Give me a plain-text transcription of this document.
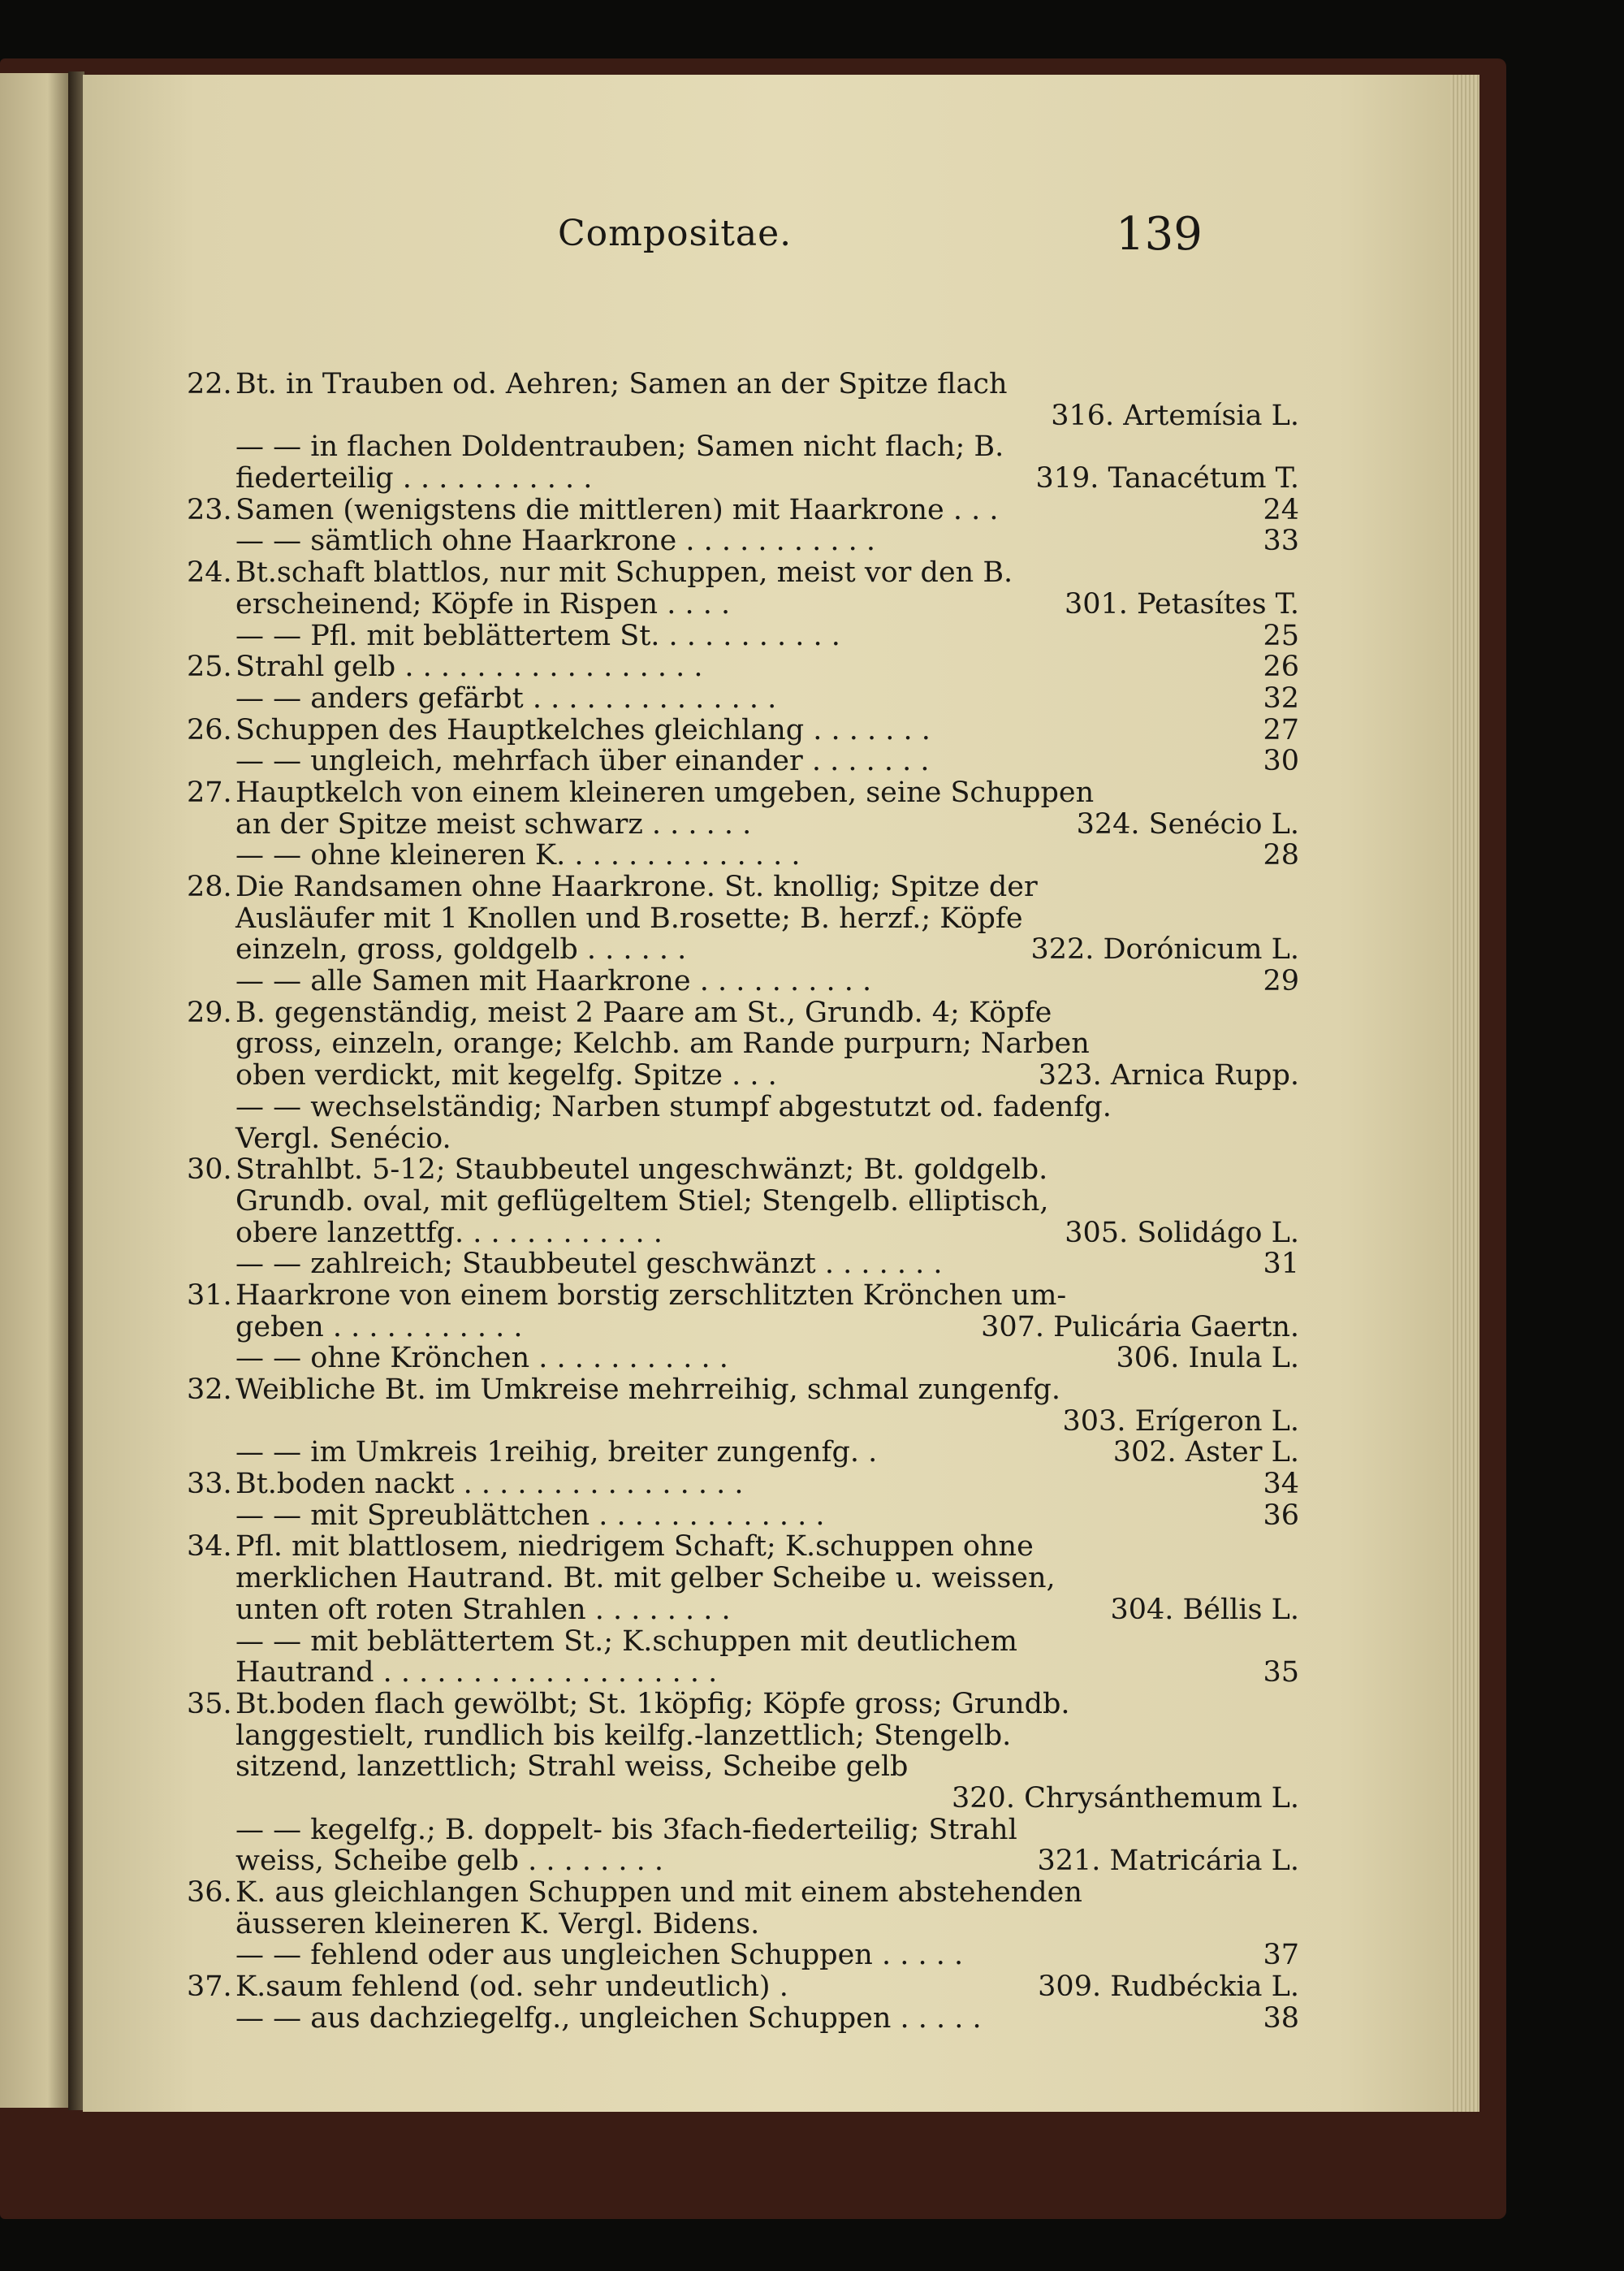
Compositae.	139
22. Bt. in Trauben od. Aehren; Samen an der Spitze flach
316. Artemísia L.
— — in flachen Doldentrauben; Samen nicht flach; B.
fiederteilig . . . . . . . . . . .	319. Tanacétum T.
23. Samen (wenigstens die mittleren) mit Haarkrone . . .	24
— — sämtlich ohne Haarkrone . . . . . . . . . . .	33
24. Bt.schaft blattlos, nur mit Schuppen, meist vor den B.
erscheinend; Köpfe in Rispen . . . .	301. Petasítes T.
— — Pfl. mit beblättertem St. . . . . . . . . . .	25
25. Strahl gelb . . . . . . . . . . . . . . . . .	26
— — anders gefärbt . . . . . . . . . . . . . .	32
26. Schuppen des Hauptkelches gleichlang . . . . . . .	27
— — ungleich, mehrfach über einander . . . . . . .	30
27. Hauptkelch von einem kleineren umgeben, seine Schuppen
an der Spitze meist schwarz . . . . . .	324. Senécio L.
— — ohne kleineren K. . . . . . . . . . . . . .	28
28. Die Randsamen ohne Haarkrone. St. knollig; Spitze der
Ausläufer mit 1 Knollen und B.rosette; B. herzf.; Köpfe
einzeln, gross, goldgelb . . . . . .	322. Dorónicum L.
— — alle Samen mit Haarkrone . . . . . . . . . .	29
29. B. gegenständig, meist 2 Paare am St., Grundb. 4; Köpfe
gross, einzeln, orange; Kelchb. am Rande purpurn; Narben
oben verdickt, mit kegelfg. Spitze . . .	323. Arnica Rupp.
— — wechselständig; Narben stumpf abgestutzt od. fadenfg.
Vergl. Senécio.
30. Strahlbt. 5-12; Staubbeutel ungeschwänzt; Bt. goldgelb.
Grundb. oval, mit geflügeltem Stiel; Stengelb. elliptisch,
obere lanzettfg. . . . . . . . . . . .	305. Solidágo L.
— — zahlreich; Staubbeutel geschwänzt . . . . . . .	31
31. Haarkrone von einem borstig zerschlitzten Krönchen um-
geben . . . . . . . . . . .	307. Pulicária Gaertn.
— — ohne Krönchen . . . . . . . . . . .	306. Inula L.
32. Weibliche Bt. im Umkreise mehrreihig, schmal zungenfg.
303. Erígeron L.
— — im Umkreis 1reihig, breiter zungenfg. .	302. Aster L.
33. Bt.boden nackt . . . . . . . . . . . . . . . .	34
— — mit Spreublättchen . . . . . . . . . . . . .	36
34. Pfl. mit blattlosem, niedrigem Schaft; K.schuppen ohne
merklichen Hautrand. Bt. mit gelber Scheibe u. weissen,
unten oft roten Strahlen . . . . . . . .	304. Béllis L.
— — mit beblättertem St.; K.schuppen mit deutlichem
Hautrand . . . . . . . . . . . . . . . . . . .	35
35. Bt.boden flach gewölbt; St. 1köpfig; Köpfe gross; Grundb.
langgestielt, rundlich bis keilfg.-lanzettlich; Stengelb.
sitzend, lanzettlich; Strahl weiss, Scheibe gelb
320. Chrysánthemum L.
— — kegelfg.; B. doppelt- bis 3fach-fiederteilig; Strahl
weiss, Scheibe gelb . . . . . . . .	321. Matricária L.
36. K. aus gleichlangen Schuppen und mit einem abstehenden
äusseren kleineren K. Vergl. Bidens.
— — fehlend oder aus ungleichen Schuppen . . . . .	37
37. K.saum fehlend (od. sehr undeutlich) .	309. Rudbéckia L.
— — aus dachziegelfg., ungleichen Schuppen . . . . .	38
